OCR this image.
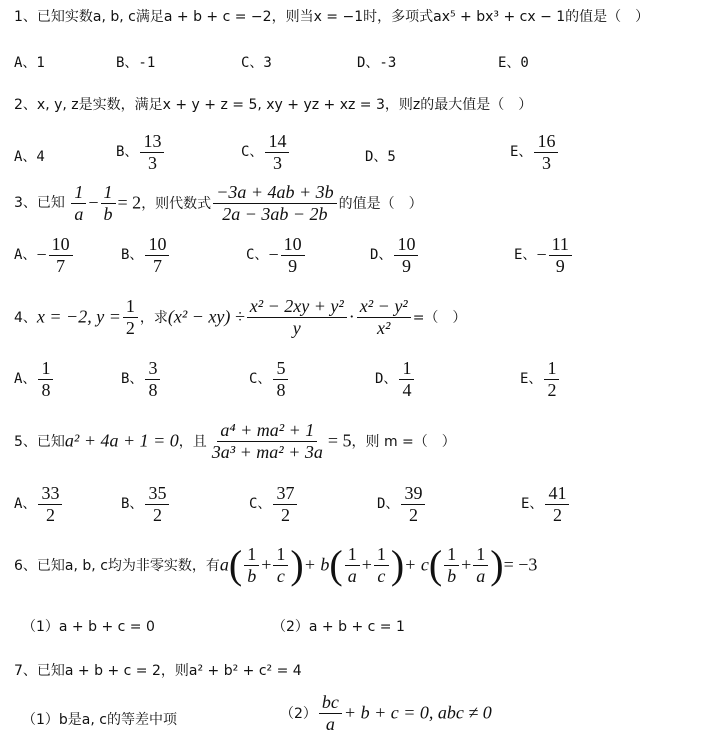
1、已知实数a, b, c满足a + b + c = −2，则当x = −1时，多项式ax⁵ + bx³ + cx − 1的值是（　）
A、1	B、-1	C、3	D、-3	E、0
2、x, y, z是实数，满足x + y + z = 5, xy + yz + xz = 3，则z的最大值是（　）
A、4	B、 $\frac{13}{3}$	C、 $\frac{14}{3}$	D、5	E、 $\frac{16}{3}$
3、已知 $\frac{1}{a} - \frac{1}{b} = 2$，则代数式 $\frac{-3a + 4ab + 3b}{2a - 3ab - 2b}$ 的值是（　）
A、− $\frac{10}{7}$	B、 $\frac{10}{7}$	C、− $\frac{10}{9}$	D、 $\frac{10}{9}$	E、− $\frac{11}{9}$
4、x = −2, $y = \frac{1}{2}$ ，求$(x^2 - xy) \div \frac{\text{x² − 2xy + y²}}{y} \cdot \frac{\text{x² − y²}}{\text{x²}}$ =（　）
A、 $\frac{1}{8}$	B、 $\frac{3}{8}$	C、 $\frac{5}{8}$	D、 $\frac{1}{4}$	E、 $\frac{1}{2}$
5、已知a² + 4a + 1 = 0，且 $\frac{\text{a⁴ + ma² + 1}}{\text{3a³ + ma² + 3a}} = 5$，则 m =（　）
A、 $\frac{33}{2}$	B、 $\frac{35}{2}$	C、 $\frac{37}{2}$	D、 $\frac{39}{2}$	E、 $\frac{41}{2}$
6、已知a, b, c均为非零实数，有$a( \frac{1}{b} + \frac{1}{c}$ )+ $b( \frac{1}{a} + \frac{1}{c}$ )+ $c( \frac{1}{b} + \frac{1}{a}$ )= −3
（1）a + b + c = 0	（2）a + b + c = 1
7、已知a + b + c = 2，则a² + b² + c² = 4
（1）b是a, c的等差中项	$(2) \frac{bc}{a} + b + c = 0$, abc ≠ 0
